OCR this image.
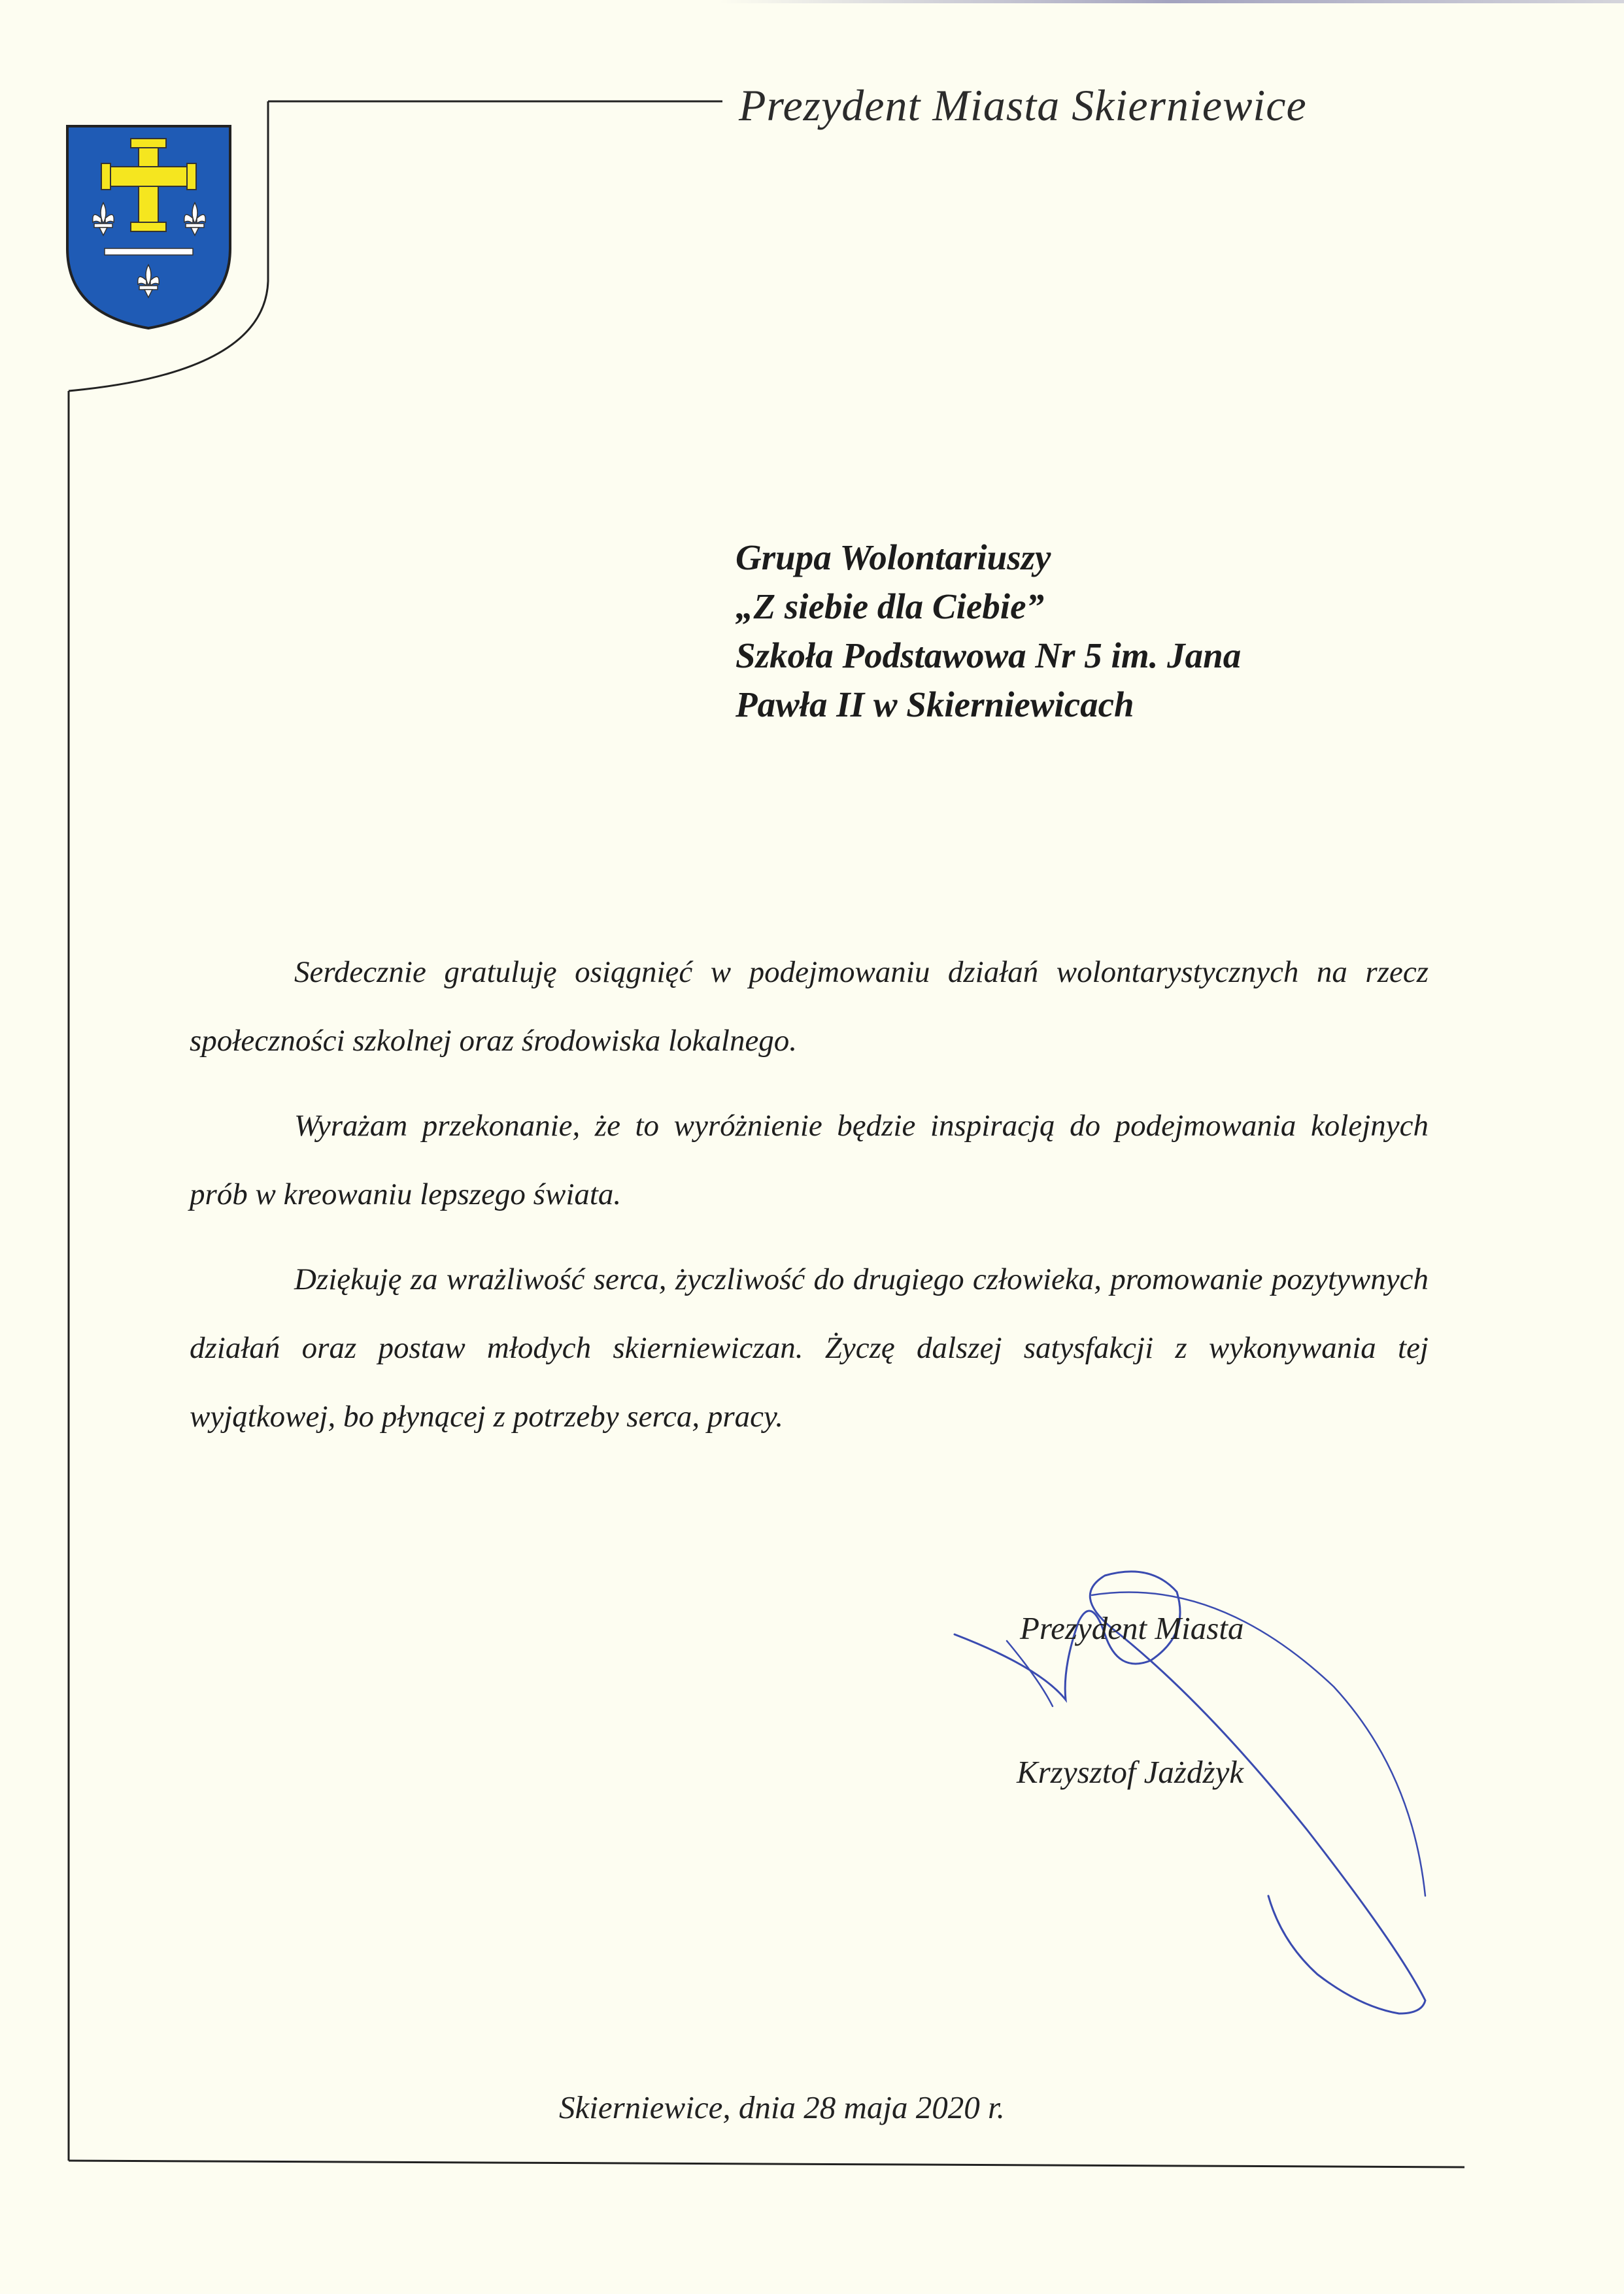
Prezydent Miasta Skierniewice
Grupa Wolontariuszy
„Z siebie dla Ciebie”
Szkoła Podstawowa Nr 5 im. Jana
Pawła II w Skierniewicach

Serdecznie gratuluję osiągnięć w podejmowaniu działań wolontarystycznych na rzecz społeczności szkolnej oraz środowiska lokalnego.

Wyrażam przekonanie, że to wyróżnienie będzie inspiracją do podejmowania kolejnych prób w kreowaniu lepszego świata.

Dziękuję za wrażliwość serca, życzliwość do drugiego człowieka, promowanie pozytywnych działań oraz postaw młodych skierniewiczan. Życzę dalszej satysfakcji z wykonywania tej wyjątkowej, bo płynącej z potrzeby serca, pracy.

Prezydent Miasta
Krzysztof Jażdżyk
Skierniewice, dnia 28 maja 2020 r.
